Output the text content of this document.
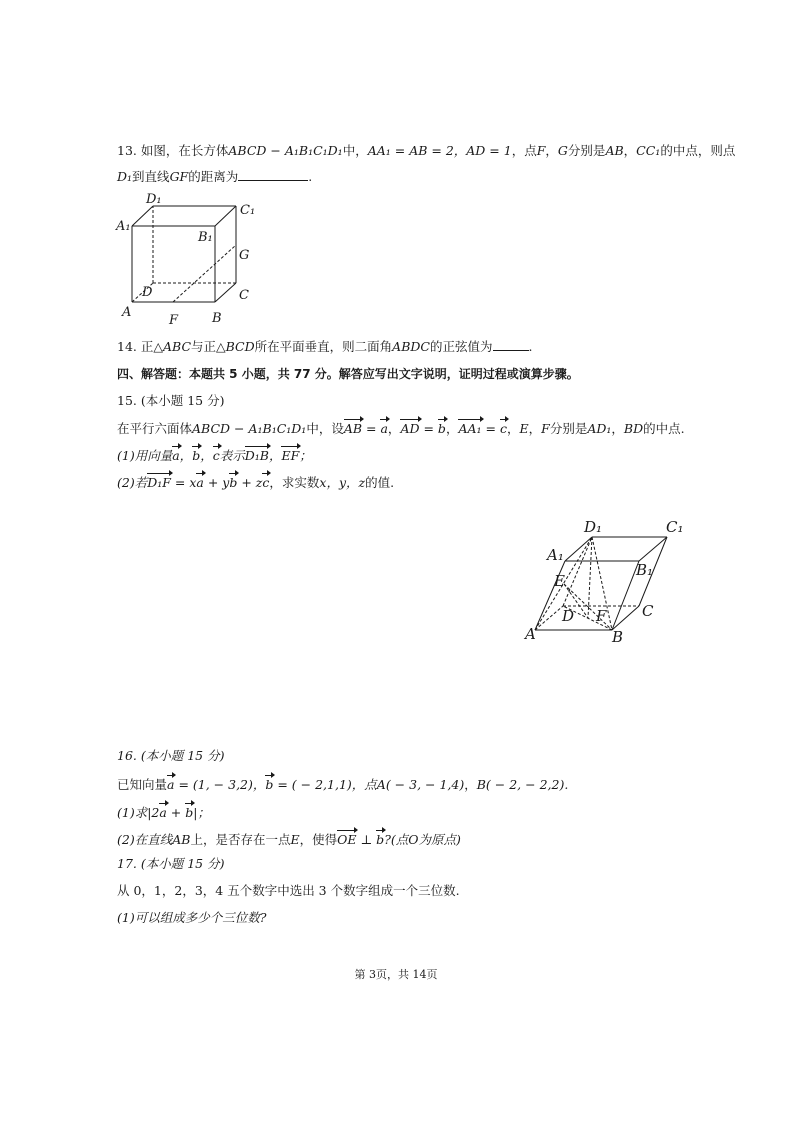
13. 如图，在长方体ABCD − A₁B₁C₁D₁中，AA₁ = AB = 2，AD = 1，点F，G分别是AB，CC₁的中点，则点
D₁到直线GF的距离为	.
D₁
C₁
A₁
B₁
G
D	C
A
F	B
14. 正△ABC与正△BCD所在平面垂直，则二面角ABDC的正弦值为	.
四、解答题：本题共 5 小题，共 77 分。解答应写出文字说明，证明过程或演算步骤。
15. (本小题 15 分)
在平行六面体ABCD − A₁B₁C₁D₁中，设AB = a，AD = b，AA₁ = c，E，F分别是AD₁，BD的中点.
(1)用向量a，b，c表示D₁B，EF；
(2)若D₁F = xa + yb + zc，求实数x，y，z的值.
D₁	C₁
A₁
B₁
E
D F C
A	B
16. (本小题 15 分)
已知向量a = (1, − 3,2)，b = ( − 2,1,1)，点A( − 3, − 1,4)，B( − 2, − 2,2).
(1)求|2a + b|；
(2)在直线AB上，是否存在一点E，使得OE ⊥ b?(点O为原点)
17. (本小题 15 分)
从 0，1，2，3，4 五个数字中选出 3 个数字组成一个三位数.
(1)可以组成多少个三位数?
第 3页，共 14页
